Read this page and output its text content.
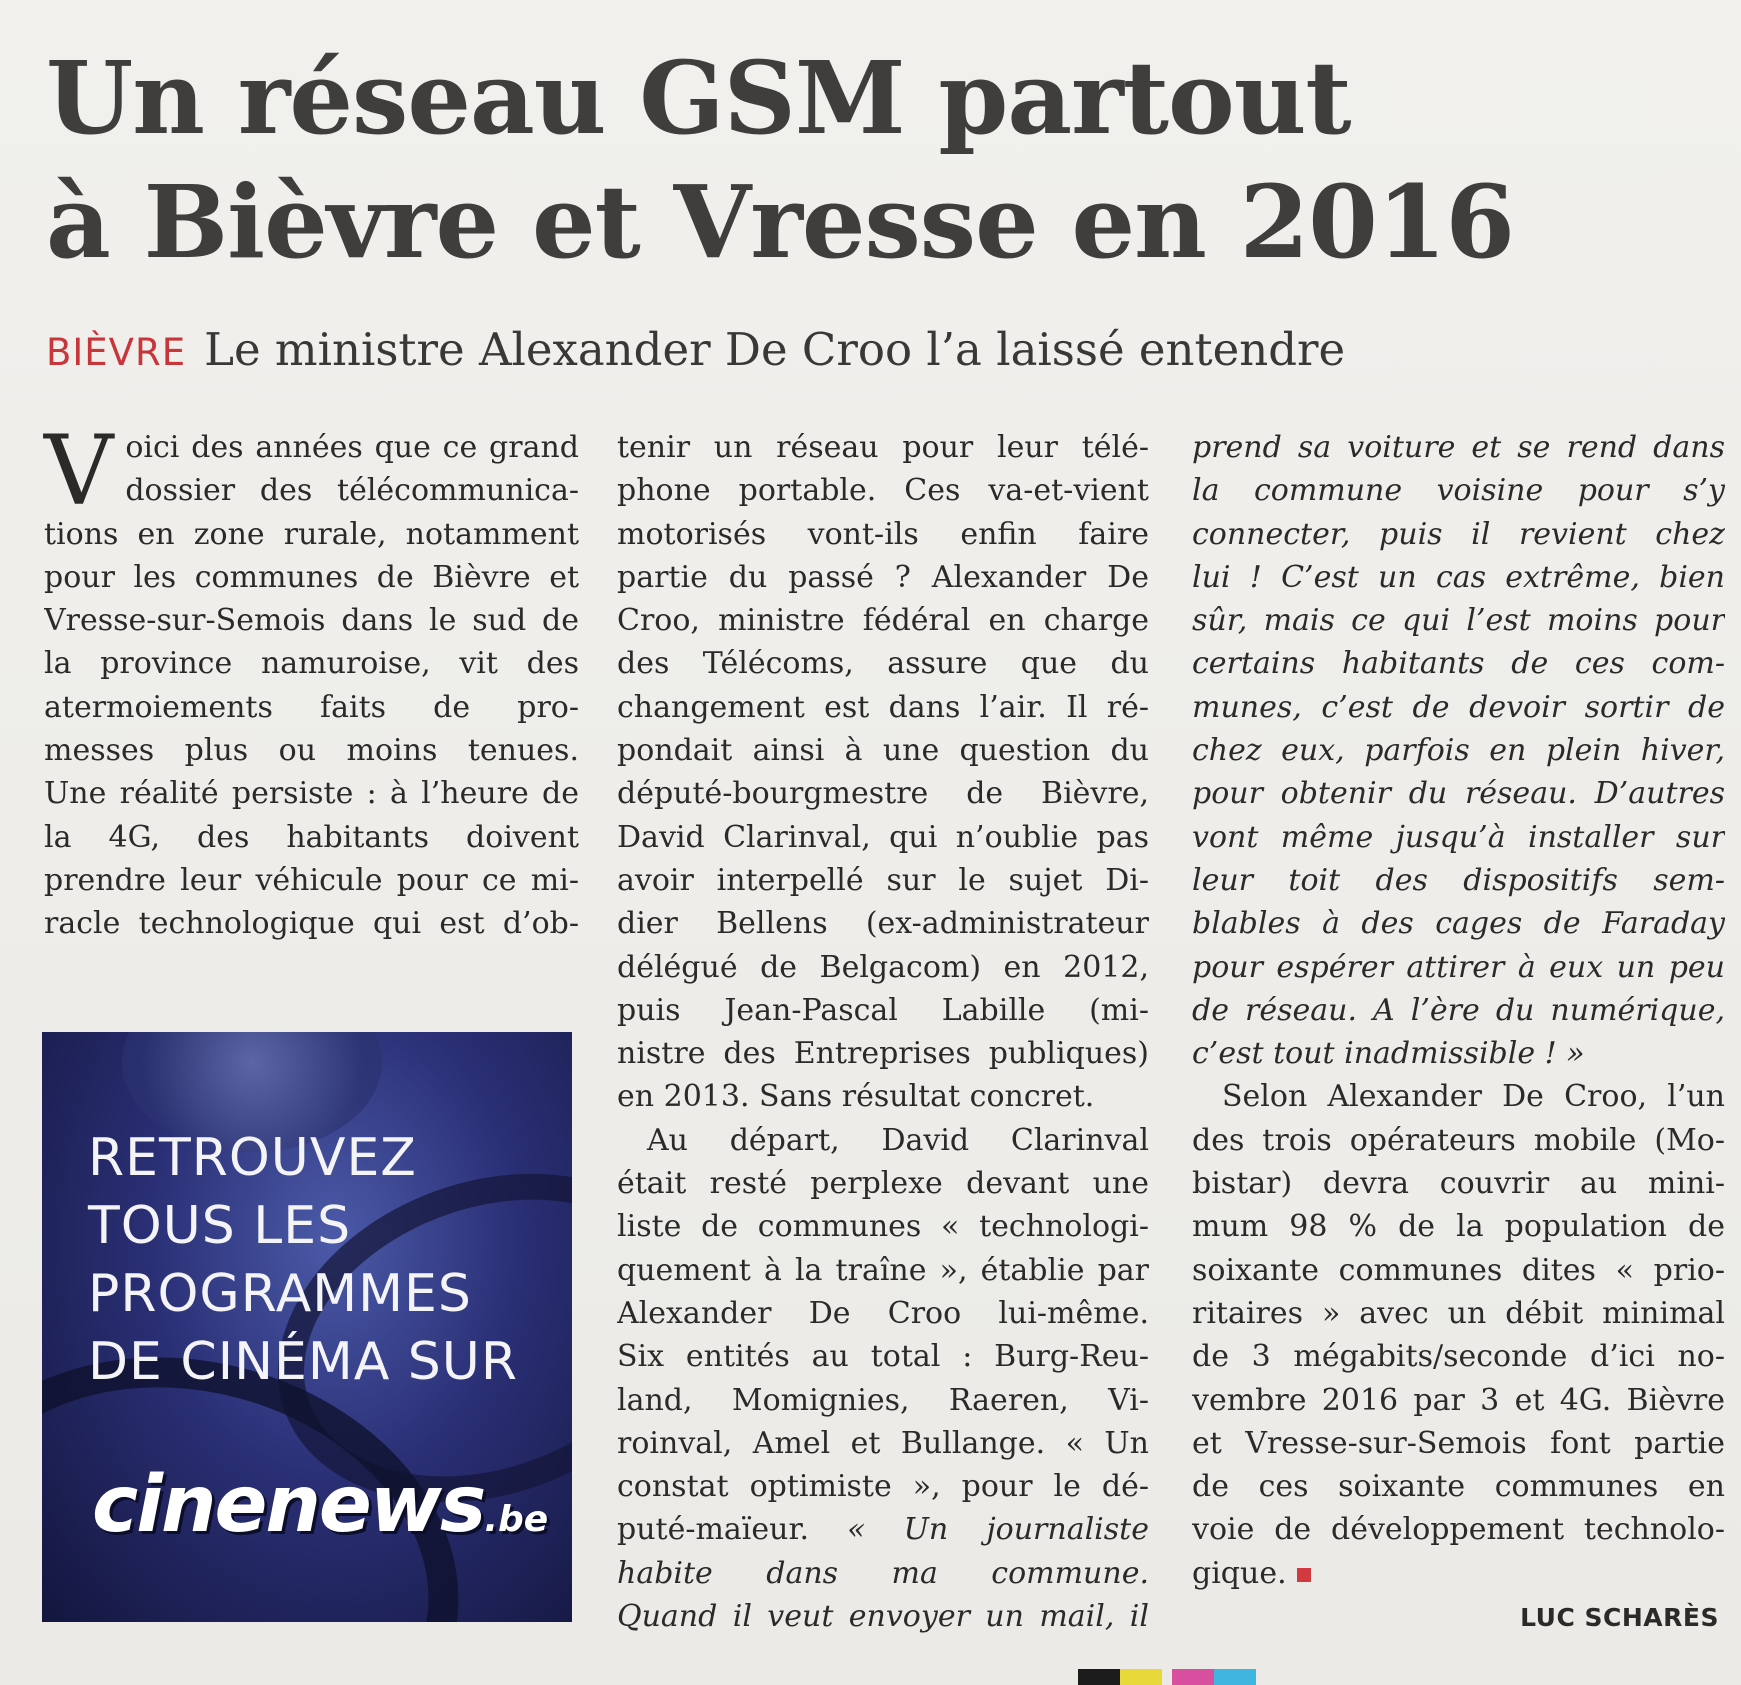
Un réseau GSM partout
à Bièvre et Vresse en 2016
BIÈVRE Le ministre Alexander De Croo l’a laissé entendre
V oici des années que ce grand
dossier des télécommunica-
tions en zone rurale, notamment
pour les communes de Bièvre et
Vresse-sur-Semois dans le sud de
la province namuroise, vit des
atermoiements faits de pro-
messes plus ou moins tenues.
Une réalité persiste : à l’heure de
la 4G, des habitants doivent
prendre leur véhicule pour ce mi-
racle technologique qui est d’ob-

RETROUVEZ
TOUS LES
PROGRAMMES
DE CINÉMA SUR

cinenews.be
tenir un réseau pour leur télé-
phone portable. Ces va-et-vient
motorisés vont-ils enfin faire
partie du passé ? Alexander De
Croo, ministre fédéral en charge
des Télécoms, assure que du
changement est dans l’air. Il ré-
pondait ainsi à une question du
député-bourgmestre de Bièvre,
David Clarinval, qui n’oublie pas
avoir interpellé sur le sujet Di-
dier Bellens (ex-administrateur
délégué de Belgacom) en 2012,
puis Jean-Pascal Labille (mi-
nistre des Entreprises publiques)
en 2013. Sans résultat concret.
Au départ, David Clarinval
était resté perplexe devant une
liste de communes « technologi-
quement à la traîne », établie par
Alexander De Croo lui-même.
Six entités au total : Burg-Reu-
land, Momignies, Raeren, Vi-
roinval, Amel et Bullange. « Un
constat optimiste », pour le dé-
puté-maïeur. « Un journaliste
habite dans ma commune.
Quand il veut envoyer un mail, il
prend sa voiture et se rend dans
la commune voisine pour s’y
connecter, puis il revient chez
lui ! C’est un cas extrême, bien
sûr, mais ce qui l’est moins pour
certains habitants de ces com-
munes, c’est de devoir sortir de
chez eux, parfois en plein hiver,
pour obtenir du réseau. D’autres
vont même jusqu’à installer sur
leur toit des dispositifs sem-
blables à des cages de Faraday
pour espérer attirer à eux un peu
de réseau. A l’ère du numérique,
c’est tout inadmissible ! »
Selon Alexander De Croo, l’un
des trois opérateurs mobile (Mo-
bistar) devra couvrir au mini-
mum 98 % de la population de
soixante communes dites « prio-
ritaires » avec un débit minimal
de 3 mégabits/seconde d’ici no-
vembre 2016 par 3 et 4G. Bièvre
et Vresse-sur-Semois font partie
de ces soixante communes en
voie de développement technolo-
gique.
LUC SCHARÈS
